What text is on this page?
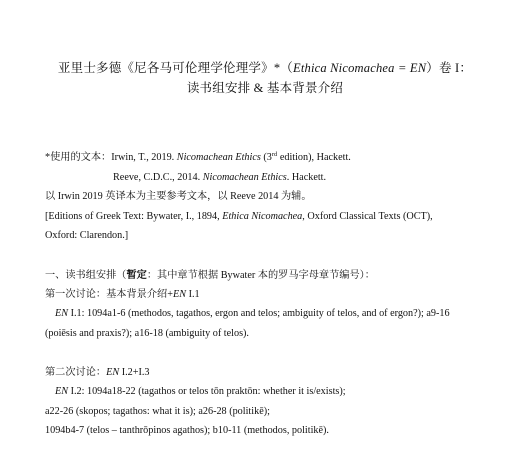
亚里士多德《尼各马可伦理学伦理学》*（Ethica Nicomachea = EN）卷 I：
读书组安排 & 基本背景介绍
*使用的文本：Irwin, T., 2019. Nicomachean Ethics (3rd edition), Hackett.
Reeve, C.D.C., 2014. Nicomachean Ethics. Hackett.
以 Irwin 2019 英译本为主要参考文本，以 Reeve 2014 为辅。
[Editions of Greek Text: Bywater, I., 1894, Ethica Nicomachea, Oxford Classical Texts (OCT),
Oxford: Clarendon.]
一、读书组安排（暂定：其中章节根据 Bywater 本的罗马字母章节编号）：
第一次讨论：基本背景介绍+EN I.1
EN I.1: 1094a1-6 (methodos, tagathos, ergon and telos; ambiguity of telos, and of ergon?); a9-16
(poiēsis and praxis?); a16-18 (ambiguity of telos).
第二次讨论：EN I.2+I.3
EN I.2: 1094a18-22 (tagathos or telos tōn praktōn: whether it is/exists);
a22-26 (skopos; tagathos: what it is); a26-28 (politikē);
1094b4-7 (telos – tanthrōpinos agathos); b10-11 (methodos, politikē).
